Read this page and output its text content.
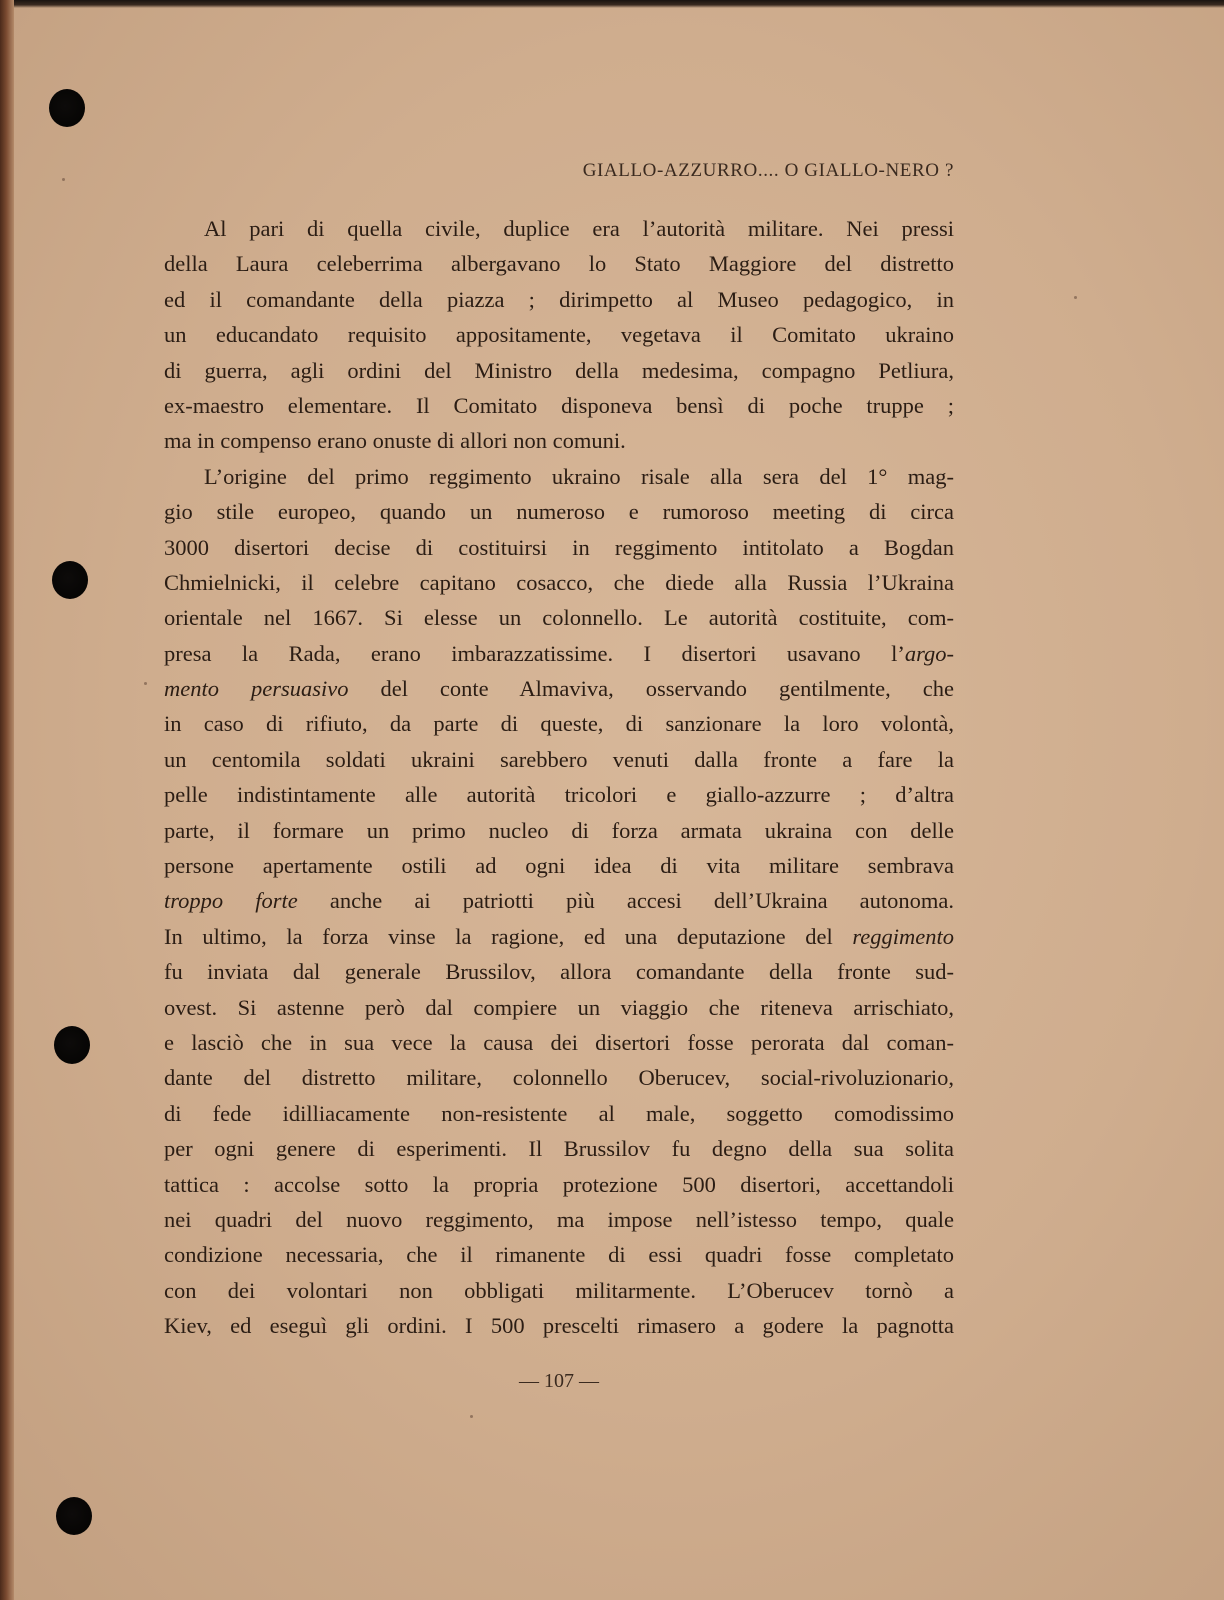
GIALLO-AZZURRO.... O GIALLO-NERO ?
Al pari di quella civile, duplice era l’autorità militare. Nei pressi
della Laura celeberrima albergavano lo Stato Maggiore del distretto
ed il comandante della piazza ; dirimpetto al Museo pedagogico, in
un educandato requisito appositamente, vegetava il Comitato ukraino
di guerra, agli ordini del Ministro della medesima, compagno Petliura,
ex-maestro elementare. Il Comitato disponeva bensì di poche truppe ;
ma in compenso erano onuste di allori non comuni.
L’origine del primo reggimento ukraino risale alla sera del 1° mag-
gio stile europeo, quando un numeroso e rumoroso meeting di circa
3000 disertori decise di costituirsi in reggimento intitolato a Bogdan
Chmielnicki, il celebre capitano cosacco, che diede alla Russia l’Ukraina
orientale nel 1667. Si elesse un colonnello. Le autorità costituite, com-
presa la Rada, erano imbarazzatissime. I disertori usavano l’argo-
mento persuasivo del conte Almaviva, osservando gentilmente, che
in caso di rifiuto, da parte di queste, di sanzionare la loro volontà,
un centomila soldati ukraini sarebbero venuti dalla fronte a fare la
pelle indistintamente alle autorità tricolori e giallo-azzurre ; d’altra
parte, il formare un primo nucleo di forza armata ukraina con delle
persone apertamente ostili ad ogni idea di vita militare sembrava
troppo forte anche ai patriotti più accesi dell’Ukraina autonoma.
In ultimo, la forza vinse la ragione, ed una deputazione del reggimento
fu inviata dal generale Brussilov, allora comandante della fronte sud-
ovest. Si astenne però dal compiere un viaggio che riteneva arrischiato,
e lasciò che in sua vece la causa dei disertori fosse perorata dal coman-
dante del distretto militare, colonnello Oberucev, social-rivoluzionario,
di fede idilliacamente non-resistente al male, soggetto comodissimo
per ogni genere di esperimenti. Il Brussilov fu degno della sua solita
tattica : accolse sotto la propria protezione 500 disertori, accettandoli
nei quadri del nuovo reggimento, ma impose nell’istesso tempo, quale
condizione necessaria, che il rimanente di essi quadri fosse completato
con dei volontari non obbligati militarmente. L’Oberucev tornò a
Kiev, ed eseguì gli ordini. I 500 prescelti rimasero a godere la pagnotta
— 107 —
